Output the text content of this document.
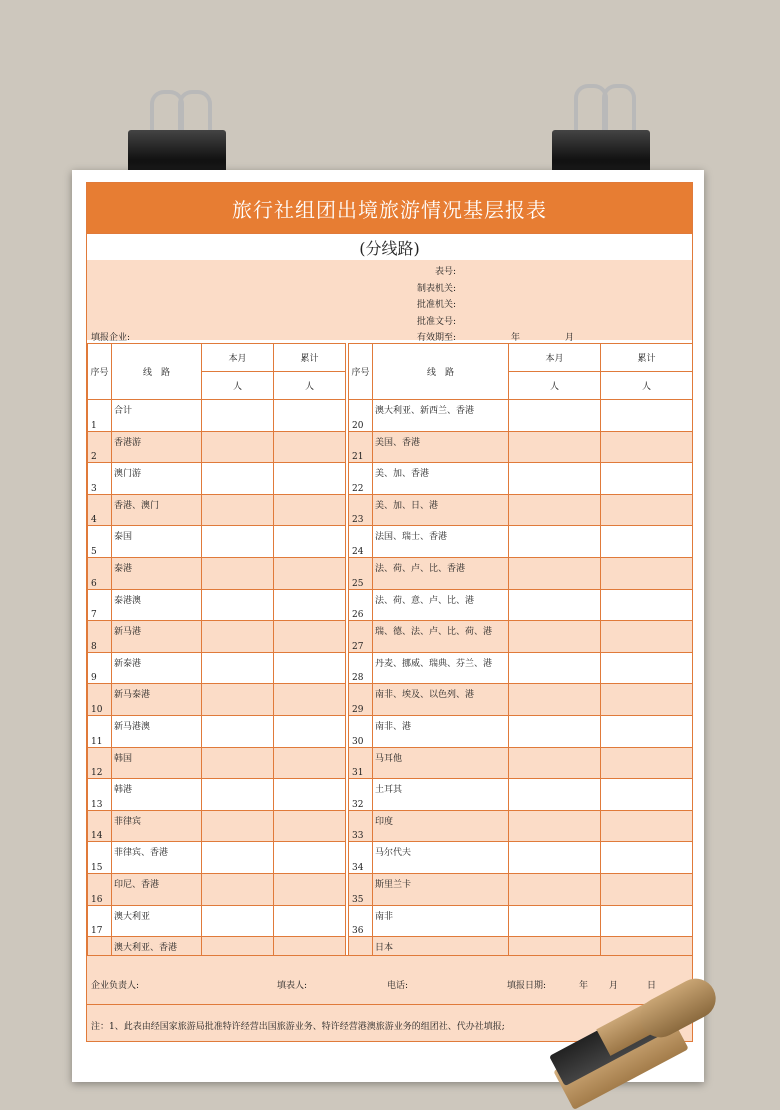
旅行社组团出境旅游情况基层报表
(分线路)
表号:
制表机关:
批准机关:
批准文号:
有效期至:
填报企业:	年	月
序号	线　路	本月	累计
		人	人
1	合计		
2	香港游		
3	澳门游		
4	香港、澳门		
5	泰国		
6	泰港		
7	泰港澳		
8	新马港		
9	新泰港		
10	新马泰港		
11	新马港澳		
12	韩国		
13	韩港		
14	菲律宾		
15	菲律宾、香港		
16	印尼、香港		
17	澳大利亚		
	澳大利亚、香港		

序号	线　路	本月	累计
		人	人
20	澳大利亚、新西兰、香港		
21	美国、香港		
22	美、加、香港		
23	美、加、日、港		
24	法国、瑞士、香港		
25	法、荷、卢、比、香港		
26	法、荷、意、卢、比、港		
27	瑞、德、法、卢、比、荷、港		
28	丹麦、挪威、瑞典、芬兰、港		
29	南非、埃及、以色列、港		
30	南非、港		
31	马耳他		
32	土耳其		
33	印度		
34	马尔代夫		
35	斯里兰卡		
36	南非		
	日本		

企业负责人:	填表人:	电话:	填报日期:	年 月	日
注：1、此表由经国家旅游局批准特许经营出国旅游业务、特许经营港澳旅游业务的组团社、代办社填报;
